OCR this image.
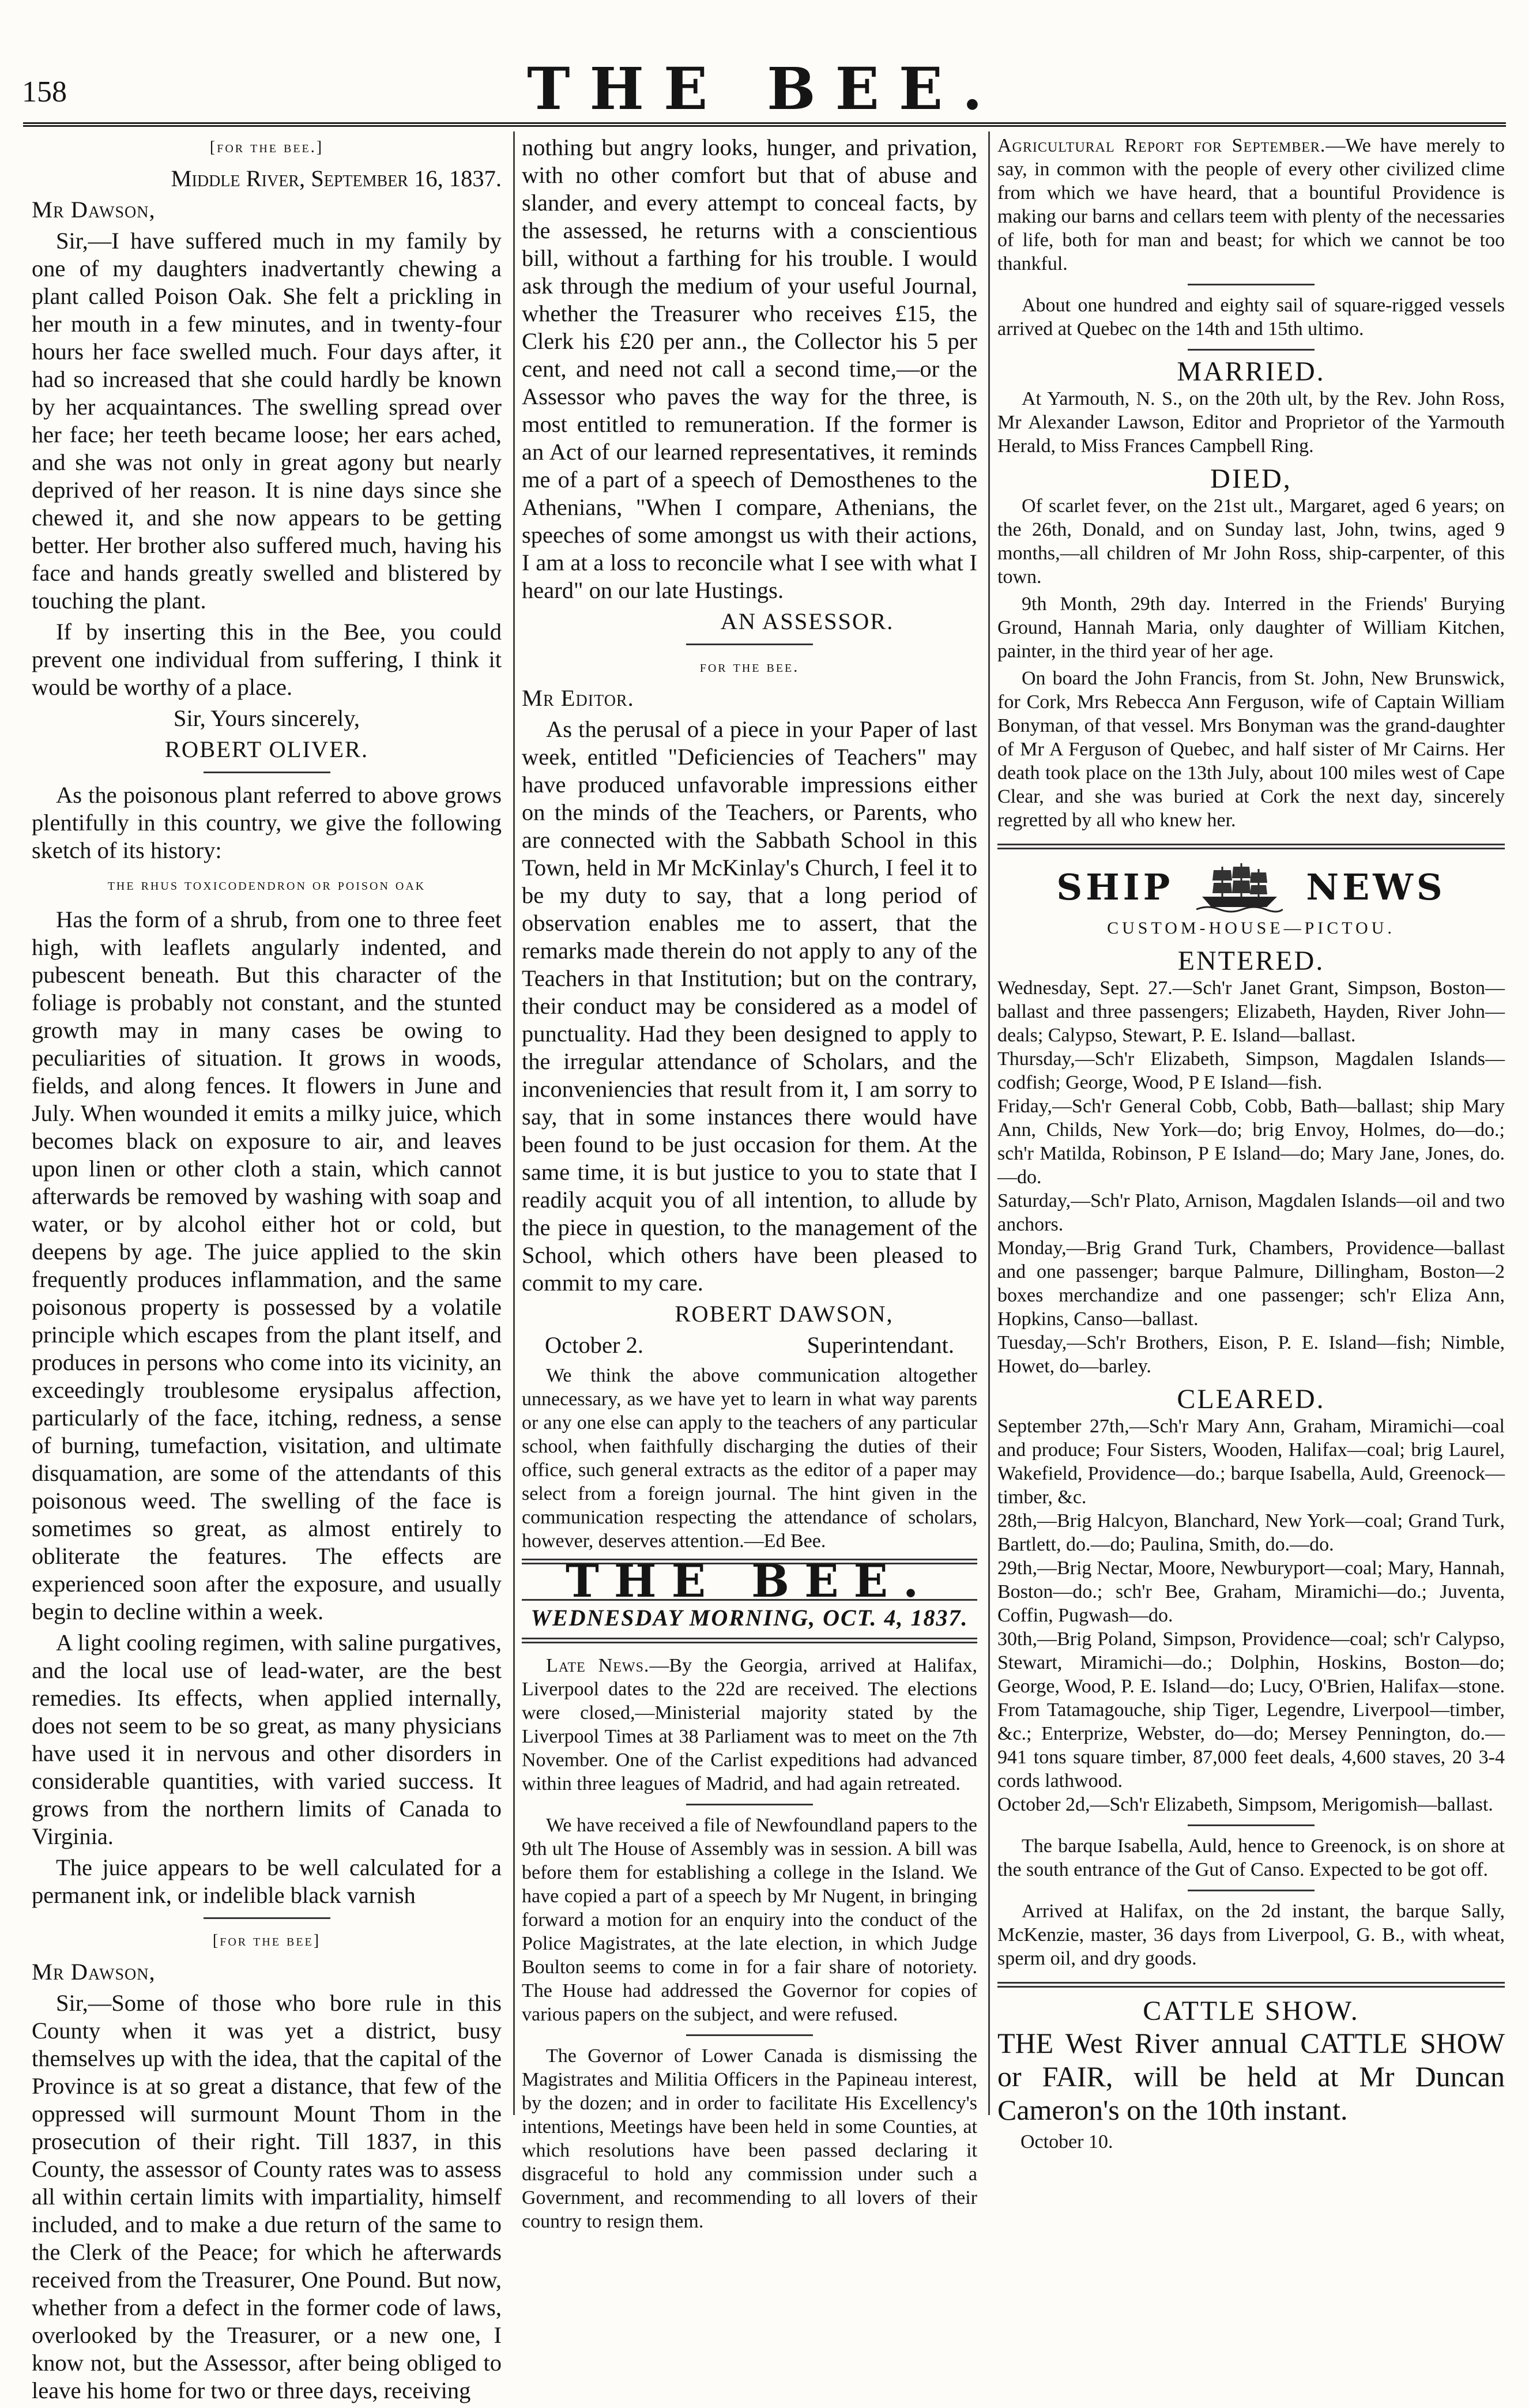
158	THE BEE.

[for the bee.]

Middle River, September 16, 1837.

Mr Dawson,

Sir,—I have suffered much in my family by one of my daughters inadvertantly chewing a plant called Poison Oak. She felt a prickling in her mouth in a few minutes, and in twenty-four hours her face swelled much. Four days after, it had so increased that she could hardly be known by her acquaintances. The swelling spread over her face; her teeth became loose; her ears ached, and she was not only in great agony but nearly deprived of her reason. It is nine days since she chewed it, and she now appears to be getting better. Her brother also suffered much, having his face and hands greatly swelled and blistered by touching the plant.

If by inserting this in the Bee, you could prevent one individual from suffering, I think it would be worthy of a place.

Sir, Yours sincerely,

ROBERT OLIVER.

As the poisonous plant referred to above grows plentifully in this country, we give the following sketch of its history:

the rhus toxicodendron or poison oak

Has the form of a shrub, from one to three feet high, with leaflets angularly indented, and pubescent beneath. But this character of the foliage is probably not constant, and the stunted growth may in many cases be owing to peculiarities of situation. It grows in woods, fields, and along fences. It flowers in June and July. When wounded it emits a milky juice, which becomes black on exposure to air, and leaves upon linen or other cloth a stain, which cannot afterwards be removed by washing with soap and water, or by alcohol either hot or cold, but deepens by age. The juice applied to the skin frequently produces inflammation, and the same poisonous property is possessed by a volatile principle which escapes from the plant itself, and produces in persons who come into its vicinity, an exceedingly troublesome erysipalus affection, particularly of the face, itching, redness, a sense of burning, tumefaction, visitation, and ultimate disquamation, are some of the attendants of this poisonous weed. The swelling of the face is sometimes so great, as almost entirely to obliterate the features. The effects are experienced soon after the exposure, and usually begin to decline within a week.

A light cooling regimen, with saline purgatives, and the local use of lead-water, are the best remedies. Its effects, when applied internally, does not seem to be so great, as many physicians have used it in nervous and other disorders in considerable quantities, with varied success. It grows from the northern limits of Canada to Virginia.

The juice appears to be well calculated for a permanent ink, or indelible black varnish

[for the bee]

Mr Dawson,

Sir,—Some of those who bore rule in this County when it was yet a district, busy themselves up with the idea, that the capital of the Province is at so great a distance, that few of the oppressed will surmount Mount Thom in the prosecution of their right. Till 1837, in this County, the assessor of County rates was to assess all within certain limits with impartiality, himself included, and to make a due return of the same to the Clerk of the Peace; for which he afterwards received from the Treasurer, One Pound. But now, whether from a defect in the former code of laws, overlooked by the Treasurer, or a new one, I know not, but the Assessor, after being obliged to leave his home for two or three days, receiving

nothing but angry looks, hunger, and privation, with no other comfort but that of abuse and slander, and every attempt to conceal facts, by the assessed, he returns with a conscientious bill, without a farthing for his trouble. I would ask through the medium of your useful Journal, whether the Treasurer who receives £15, the Clerk his £20 per ann., the Collector his 5 per cent, and need not call a second time,—or the Assessor who paves the way for the three, is most entitled to remuneration. If the former is an Act of our learned representatives, it reminds me of a part of a speech of Demosthenes to the Athenians, "When I compare, Athenians, the speeches of some amongst us with their actions, I am at a loss to reconcile what I see with what I heard" on our late Hustings.

AN ASSESSOR.

for the bee.

Mr Editor.

As the perusal of a piece in your Paper of last week, entitled "Deficiencies of Teachers" may have produced unfavorable impressions either on the minds of the Teachers, or Parents, who are connected with the Sabbath School in this Town, held in Mr McKinlay's Church, I feel it to be my duty to say, that a long period of observation enables me to assert, that the remarks made therein do not apply to any of the Teachers in that Institution; but on the contrary, their conduct may be considered as a model of punctuality. Had they been designed to apply to the irregular attendance of Scholars, and the inconveniencies that result from it, I am sorry to say, that in some instances there would have been found to be just occasion for them. At the same time, it is but justice to you to state that I readily acquit you of all intention, to allude by the piece in question, to the management of the School, which others have been pleased to commit to my care.

ROBERT DAWSON,

October 2.	Superintendant.

We think the above communication altogether unnecessary, as we have yet to learn in what way parents or any one else can apply to the teachers of any particular school, when faithfully discharging the duties of their office, such general extracts as the editor of a paper may select from a foreign journal. The hint given in the communication respecting the attendance of scholars, however, deserves attention.—Ed Bee.

THE BEE.
WEDNESDAY MORNING, OCT. 4, 1837.

Late News.—By the Georgia, arrived at Halifax, Liverpool dates to the 22d are received. The elections were closed,—Ministerial majority stated by the Liverpool Times at 38 Parliament was to meet on the 7th November. One of the Carlist expeditions had advanced within three leagues of Madrid, and had again retreated.

We have received a file of Newfoundland papers to the 9th ult The House of Assembly was in session. A bill was before them for establishing a college in the Island. We have copied a part of a speech by Mr Nugent, in bringing forward a motion for an enquiry into the conduct of the Police Magistrates, at the late election, in which Judge Boulton seems to come in for a fair share of notoriety. The House had addressed the Governor for copies of various papers on the subject, and were refused.

The Governor of Lower Canada is dismissing the Magistrates and Militia Officers in the Papineau interest, by the dozen; and in order to facilitate His Excellency's intentions, Meetings have been held in some Counties, at which resolutions have been passed declaring it disgraceful to hold any commission under such a Government, and recommending to all lovers of their country to resign them.

Agricultural Report for September.—We have merely to say, in common with the people of every other civilized clime from which we have heard, that a bountiful Providence is making our barns and cellars teem with plenty of the necessaries of life, both for man and beast; for which we cannot be too thankful.

About one hundred and eighty sail of square-rigged vessels arrived at Quebec on the 14th and 15th ultimo.

MARRIED.

At Yarmouth, N. S., on the 20th ult, by the Rev. John Ross, Mr Alexander Lawson, Editor and Proprietor of the Yarmouth Herald, to Miss Frances Campbell Ring.

DIED,

Of scarlet fever, on the 21st ult., Margaret, aged 6 years; on the 26th, Donald, and on Sunday last, John, twins, aged 9 months,—all children of Mr John Ross, ship-carpenter, of this town.

9th Month, 29th day. Interred in the Friends' Burying Ground, Hannah Maria, only daughter of William Kitchen, painter, in the third year of her age.

On board the John Francis, from St. John, New Brunswick, for Cork, Mrs Rebecca Ann Ferguson, wife of Captain William Bonyman, of that vessel. Mrs Bonyman was the grand-daughter of Mr A Ferguson of Quebec, and half sister of Mr Cairns. Her death took place on the 13th July, about 100 miles west of Cape Clear, and she was buried at Cork the next day, sincerely regretted by all who knew her.

SHIP	NEWS
CUSTOM-HOUSE—PICTOU.
ENTERED.

Wednesday, Sept. 27.—Sch'r Janet Grant, Simpson, Boston—ballast and three passengers; Elizabeth, Hayden, River John—deals; Calypso, Stewart, P. E. Island—ballast.
Thursday,—Sch'r Elizabeth, Simpson, Magdalen Islands—codfish; George, Wood, P E Island—fish.
Friday,—Sch'r General Cobb, Cobb, Bath—ballast; ship Mary Ann, Childs, New York—do; brig Envoy, Holmes, do—do.; sch'r Matilda, Robinson, P E Island—do; Mary Jane, Jones, do.—do.
Saturday,—Sch'r Plato, Arnison, Magdalen Islands—oil and two anchors.
Monday,—Brig Grand Turk, Chambers, Providence—ballast and one passenger; barque Palmure, Dillingham, Boston—2 boxes merchandize and one passenger; sch'r Eliza Ann, Hopkins, Canso—ballast.
Tuesday,—Sch'r Brothers, Eison, P. E. Island—fish; Nimble, Howet, do—barley.

CLEARED.

September 27th,—Sch'r Mary Ann, Graham, Miramichi—coal and produce; Four Sisters, Wooden, Halifax—coal; brig Laurel, Wakefield, Providence—do.; barque Isabella, Auld, Greenock—timber, &c.
28th,—Brig Halcyon, Blanchard, New York—coal; Grand Turk, Bartlett, do.—do; Paulina, Smith, do.—do.
29th,—Brig Nectar, Moore, Newburyport—coal; Mary, Hannah, Boston—do.; sch'r Bee, Graham, Miramichi—do.; Juventa, Coffin, Pugwash—do.
30th,—Brig Poland, Simpson, Providence—coal; sch'r Calypso, Stewart, Miramichi—do.; Dolphin, Hoskins, Boston—do; George, Wood, P. E. Island—do; Lucy, O'Brien, Halifax—stone. From Tatamagouche, ship Tiger, Legendre, Liverpool—timber, &c.; Enterprize, Webster, do—do; Mersey Pennington, do.—941 tons square timber, 87,000 feet deals, 4,600 staves, 20 3-4 cords lathwood.
October 2d,—Sch'r Elizabeth, Simpsom, Merigomish—ballast.

The barque Isabella, Auld, hence to Greenock, is on shore at the south entrance of the Gut of Canso. Expected to be got off.

Arrived at Halifax, on the 2d instant, the barque Sally, McKenzie, master, 36 days from Liverpool, G. B., with wheat, sperm oil, and dry goods.

CATTLE SHOW.

THE West River annual CATTLE SHOW or FAIR, will be held at Mr Duncan Cameron's on the 10th instant.

October 10.
